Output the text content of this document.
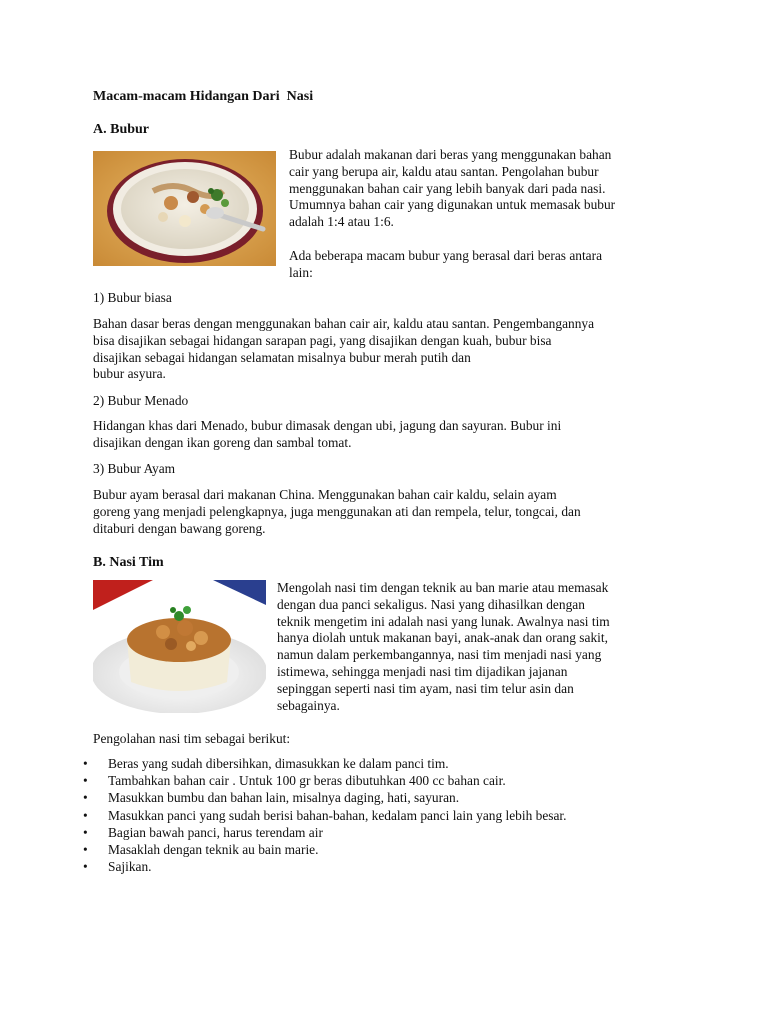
Macam-macam Hidangan Dari  Nasi
A. Bubur
Bubur adalah makanan dari beras yang menggunakan bahan
cair yang berupa air, kaldu atau santan. Pengolahan bubur
menggunakan bahan cair yang lebih banyak dari pada nasi.
Umumnya bahan cair yang digunakan untuk memasak bubur
adalah 1:4 atau 1:6.
Ada beberapa macam bubur yang berasal dari beras antara
lain:
1) Bubur biasa
Bahan dasar beras dengan menggunakan bahan cair air, kaldu atau santan. Pengembangannya
bisa disajikan sebagai hidangan sarapan pagi, yang disajikan dengan kuah, bubur bisa
disajikan sebagai hidangan selamatan misalnya bubur merah putih dan
bubur asyura.
2) Bubur Menado
Hidangan khas dari Menado, bubur dimasak dengan ubi, jagung dan sayuran. Bubur ini
disajikan dengan ikan goreng dan sambal tomat.
3) Bubur Ayam
Bubur ayam berasal dari makanan China. Menggunakan bahan cair kaldu, selain ayam
goreng yang menjadi pelengkapnya, juga menggunakan ati dan rempela, telur, tongcai, dan
ditaburi dengan bawang goreng.
B. Nasi Tim
Mengolah nasi tim dengan teknik au ban marie atau memasak
dengan dua panci sekaligus. Nasi yang dihasilkan dengan
teknik mengetim ini adalah nasi yang lunak. Awalnya nasi tim
hanya diolah untuk makanan bayi, anak-anak dan orang sakit,
namun dalam perkembangannya, nasi tim menjadi nasi yang
istimewa, sehingga menjadi nasi tim dijadikan jajanan
sepinggan seperti nasi tim ayam, nasi tim telur asin dan
sebagainya.
Pengolahan nasi tim sebagai berikut:
• Beras yang sudah dibersihkan, dimasukkan ke dalam panci tim.
• Tambahkan bahan cair . Untuk 100 gr beras dibutuhkan 400 cc bahan cair.
• Masukkan bumbu dan bahan lain, misalnya daging, hati, sayuran.
• Masukkan panci yang sudah berisi bahan-bahan, kedalam panci lain yang lebih besar.
• Bagian bawah panci, harus terendam air
• Masaklah dengan teknik au bain marie.
• Sajikan.
